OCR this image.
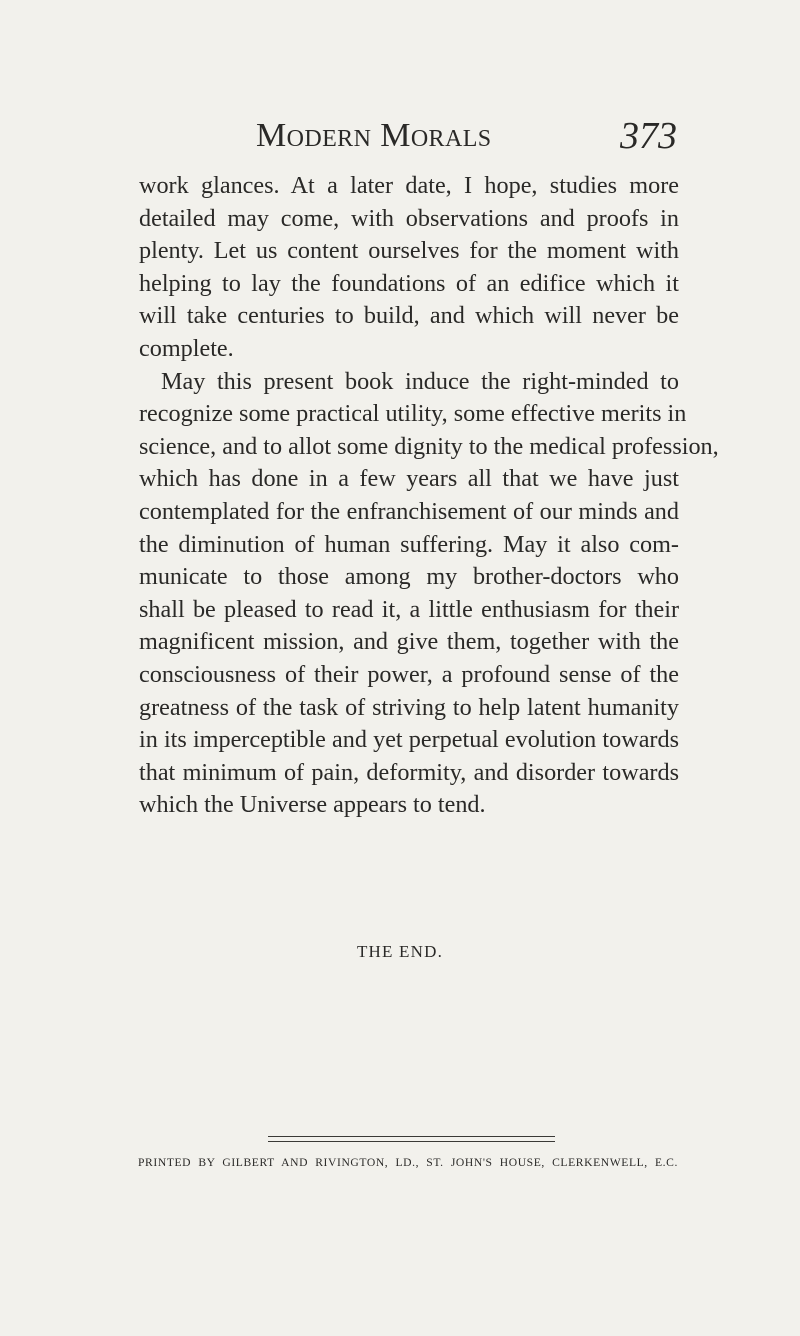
Modern Morals	373
work glances. At a later date, I hope, studies more
detailed may come, with observations and proofs in
plenty. Let us content ourselves for the moment with
helping to lay the foundations of an edifice which it
will take centuries to build, and which will never be
complete.
May this present book induce the right-minded to
recognize some practical utility, some effective merits in
science, and to allot some dignity to the medical profession,
which has done in a few years all that we have just
contemplated for the enfranchisement of our minds and
the diminution of human suffering. May it also com-
municate to those among my brother-doctors who
shall be pleased to read it, a little enthusiasm for their
magnificent mission, and give them, together with the
consciousness of their power, a profound sense of the
greatness of the task of striving to help latent humanity
in its imperceptible and yet perpetual evolution towards
that minimum of pain, deformity, and disorder towards
which the Universe appears to tend.
THE END.
PRINTED BY GILBERT AND RIVINGTON, LD., ST. JOHN'S HOUSE, CLERKENWELL, E.C.
